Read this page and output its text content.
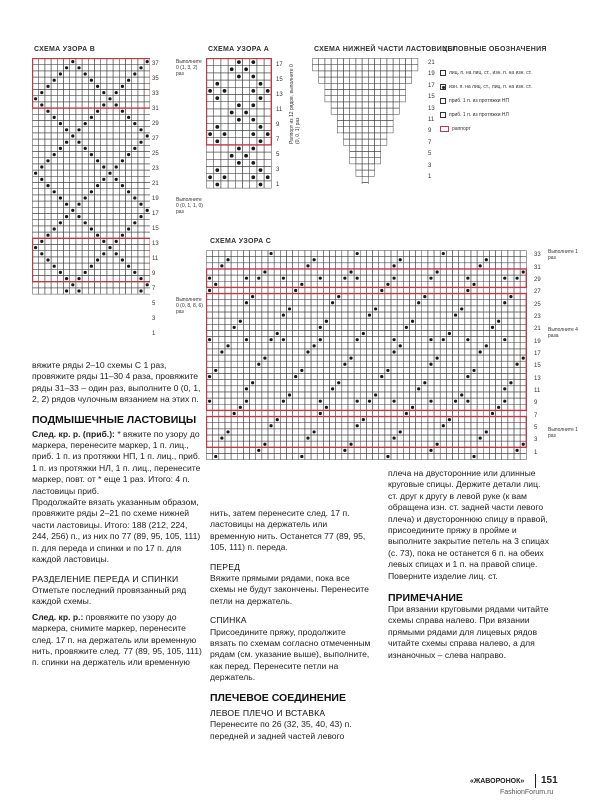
СХЕМА УЗОРА B	СХЕМА УЗОРА A	СХЕМА НИЖНЕЙ ЧАСТИ ЛАСТОВИЦЫ
УСЛОВНЫЕ ОБОЗНАЧЕНИЯ
СХЕМА УЗОРА C
37
35
33
31
29
27
25
23
21
19
17
15
13
11
9
7
5
3
1
17
15
13
11
9
7
5
3
1
21
19
17
15
13
11
9
7
5
3
1
33
31
29
27
25
23
21
19
17
15
13
11
9
7
5
3
1
Выполните 0 (1, 3, 2) раз
Выполните 0 (0, 1, 1, 0) раз
Выполните 0 (0, 8, 8, 6) раз
Раппорт из 12 рядов, выполните 0 (0, 0, 1) раз
Выполните 1 раз
Выполните 4 раза
Выполните 1 раз
лиц. п. на лиц. ст., изн. п. на изн. ст.
изн. п. на лиц. ст., лиц. п. на изн. ст.
приб. 1 п. из протяжки НП
приб. 1 п. из протяжки НЛ
раппорт

вяжите ряды 2–10 схемы C 1 раз, провяжите ряды 11–30 4 раза, провяжите ряды 31–33 – один раз, выполните 0 (0, 1, 2, 2) рядов чулочным вязанием на этих п.

ПОДМЫШЕЧНЫЕ ЛАСТОВИЦЫ

След. кр. р. (приб.): * вяжите по узору до маркера, перенесите маркер, 1 п. лиц., приб. 1 п. из протяжки НП, 1 п. лиц., приб. 1 п. из протяжки НЛ, 1 п. лиц., перенесите маркер, повт. от * еще 1 раз. Итого: 4 п. ластовицы приб.

Продолжайте вязать указанным образом, провяжите ряды 2–21 по схеме нижней части ластовицы. Итого: 188 (212, 224, 244, 256) п., из них по 77 (89, 95, 105, 111) п. для переда и спинки и по 17 п. для каждой ластовицы.

РАЗДЕЛЕНИЕ ПЕРЕДА И СПИНКИ

Отметьте последний провязанный ряд каждой схемы.

След. кр. р.: провяжите по узору до маркера, снимите маркер, перенесите след. 17 п. на держатель или временную нить, провяжите след. 77 (89, 95, 105, 111) п. спинки на держатель или временную

нить, затем перенесите след. 17 п. ластовицы на держатель или временную нить. Останется 77 (89, 95, 105, 111) п. переда.

ПЕРЕД

Вяжите прямыми рядами, пока все схемы не будут закончены. Перенесите петли на держатель.

СПИНКА

Присоедините пряжу, продолжите вязать по схемам согласно отмеченным рядам (см. указание выше), выполните, как перед. Перенесите петли на держатель.

ПЛЕЧЕВОЕ СОЕДИНЕНИЕ

ЛЕВОЕ ПЛЕЧО И ВСТАВКА

Перенесите по 26 (32, 35, 40, 43) п. передней и задней частей левого

плеча на двусторонние или длинные круговые спицы. Держите детали лиц. ст. друг к другу в левой руке (к вам обращена изн. ст. задней части левого плеча) и двустороннюю спицу в правой, присоедините пряжу в пройме и выполните закрытие петель на 3 спицах (с. 73), пока не останется 6 п. на обеих левых спицах и 1 п. на правой спице. Поверните изделие лиц. ст.

ПРИМЕЧАНИЕ

При вязании круговыми рядами читайте схемы справа налево. При вязании прямыми рядами для лицевых рядов читайте схемы справа налево, а для изнаночных – слева направо.

«ЖАВОРОНОК» 151
FashionForum.ru
